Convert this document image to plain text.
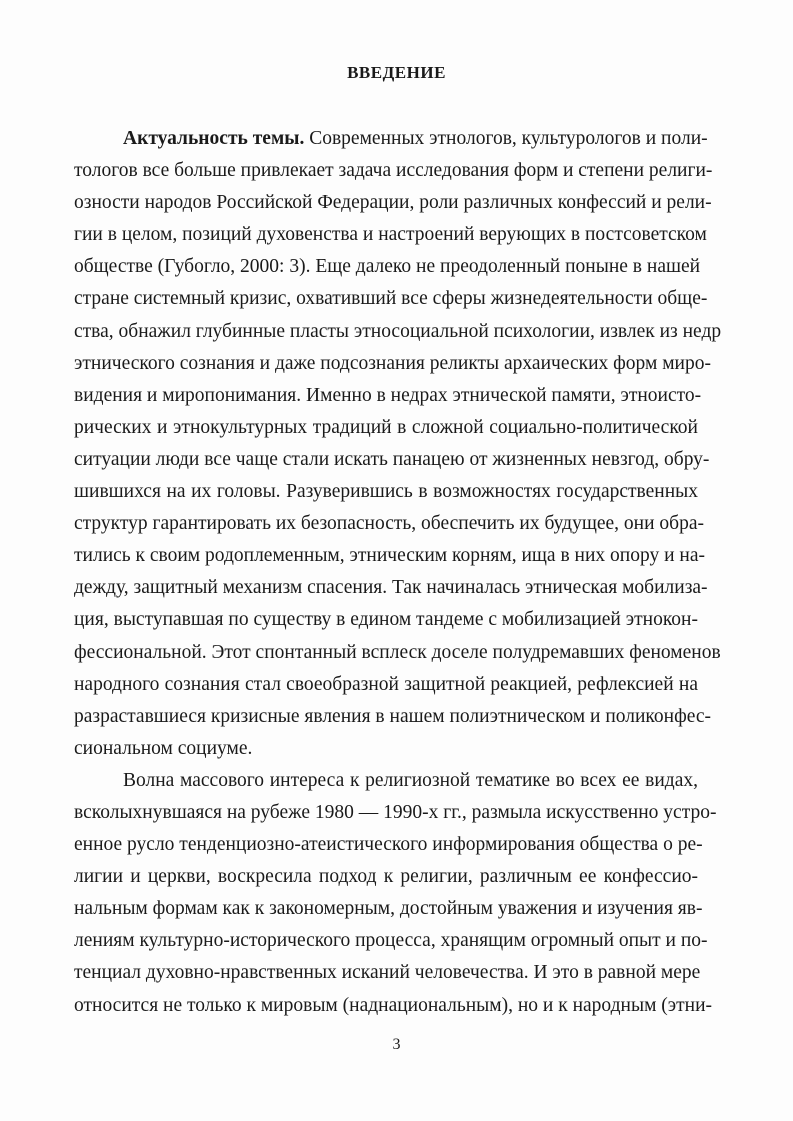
ВВЕДЕНИЕ
Актуальность темы. Современных этнологов, культурологов и поли-
тологов все больше привлекает задача исследования форм и степени религи-
озности народов Российской Федерации, роли различных конфессий и рели-
гии в целом, позиций духовенства и настроений верующих в постсоветском
обществе (Губогло, 2000: 3). Еще далеко не преодоленный поныне в нашей
стране системный кризис, охвативший все сферы жизнедеятельности обще-
ства, обнажил глубинные пласты этносоциальной психологии, извлек из недр
этнического сознания и даже подсознания реликты архаических форм миро-
видения и миропонимания. Именно в недрах этнической памяти, этноисто-
рических и этнокультурных традиций в сложной социально-политической
ситуации люди все чаще стали искать панацею от жизненных невзгод, обру-
шившихся на их головы. Разуверившись в возможностях государственных
структур гарантировать их безопасность, обеспечить их будущее, они обра-
тились к своим родоплеменным, этническим корням, ища в них опору и на-
дежду, защитный механизм спасения. Так начиналась этническая мобилиза-
ция, выступавшая по существу в едином тандеме с мобилизацией этнокон-
фессиональной. Этот спонтанный всплеск доселе полудремавших феноменов
народного сознания стал своеобразной защитной реакцией, рефлексией на
разраставшиеся кризисные явления в нашем полиэтническом и поликонфес-
сиональном социуме.
Волна массового интереса к религиозной тематике во всех ее видах,
всколыхнувшаяся на рубеже 1980 — 1990-х гг., размыла искусственно устро-
енное русло тенденциозно-атеистического информирования общества о ре-
лигии и церкви, воскресила подход к религии, различным ее конфессио-
нальным формам как к закономерным, достойным уважения и изучения яв-
лениям культурно-исторического процесса, хранящим огромный опыт и по-
тенциал духовно-нравственных исканий человечества. И это в равной мере
относится не только к мировым (наднациональным), но и к народным (этни-
3
